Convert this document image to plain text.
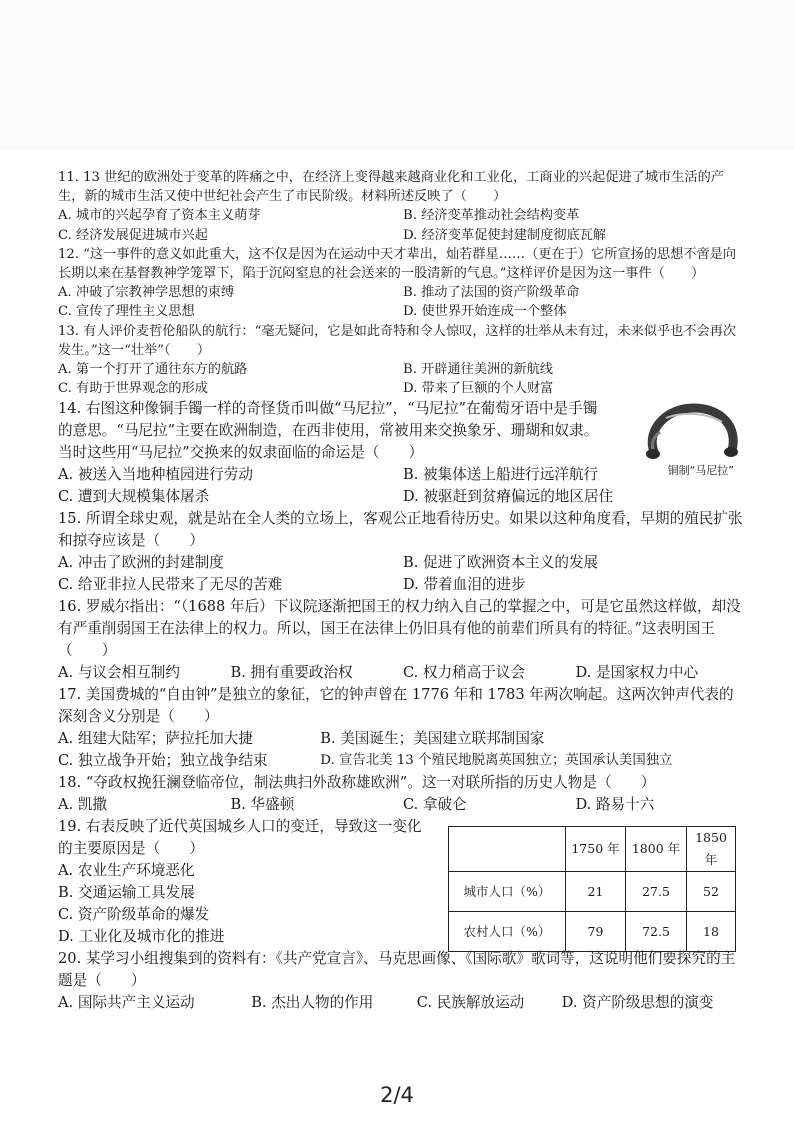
11. 13 世纪的欧洲处于变革的阵痛之中，在经济上变得越来越商业化和工业化，工商业的兴起促进了城市生活的产生，新的城市生活又使中世纪社会产生了市民阶级。材料所述反映了（　　）

A. 城市的兴起孕育了资本主义萌芽	B. 经济变革推动社会结构变革
C. 经济发展促进城市兴起	D. 经济变革促使封建制度彻底瓦解

12. “这一事件的意义如此重大，这不仅是因为在运动中天才辈出，灿若群星……（更在于）它所宣扬的思想不啻是向长期以来在基督教神学笼罩下，陷于沉闷窒息的社会送来的一股清新的气息。”这样评价是因为这一事件（　　）

A. 冲破了宗教神学思想的束缚	B. 推动了法国的资产阶级革命
C. 宣传了理性主义思想	D. 使世界开始连成一个整体

13. 有人评价麦哲伦船队的航行：“毫无疑问，它是如此奇特和令人惊叹，这样的壮举从未有过，未来似乎也不会再次发生。”这一“壮举”（　　）

A. 第一个打开了通往东方的航路	B. 开辟通往美洲的新航线
C. 有助于世界观念的形成	D. 带来了巨额的个人财富

14. 右图这种像铜手镯一样的奇怪货币叫做“马尼拉”，“马尼拉”在葡萄牙语中是手镯的意思。“马尼拉”主要在欧洲制造，在西非使用，常被用来交换象牙、珊瑚和奴隶。当时这些用“马尼拉”交换来的奴隶面临的命运是（　　）

铜制“马尼拉”
A. 被送入当地种植园进行劳动	B. 被集体送上船进行远洋航行
C. 遭到大规模集体屠杀	D. 被驱赶到贫瘠偏远的地区居住

15. 所谓全球史观，就是站在全人类的立场上，客观公正地看待历史。如果以这种角度看，早期的殖民扩张和掠夺应该是（　　）

A. 冲击了欧洲的封建制度	B. 促进了欧洲资本主义的发展
C. 给亚非拉人民带来了无尽的苦难	D. 带着血泪的进步

16. 罗威尔指出：“（1688 年后）下议院逐渐把国王的权力纳入自己的掌握之中，可是它虽然这样做，却没有严重削弱国王在法律上的权力。所以，国王在法律上仍旧具有他的前辈们所具有的特征。”这表明国王（　　）

A. 与议会相互制约	B. 拥有重要政治权	C. 权力稍高于议会	D. 是国家权力中心

17. 美国费城的“自由钟”是独立的象征，它的钟声曾在 1776 年和 1783 年两次响起。这两次钟声代表的深刻含义分别是（　　）

A. 组建大陆军；萨拉托加大捷	B. 美国诞生；美国建立联邦制国家
C. 独立战争开始；独立战争结束	D. 宣告北美 13 个殖民地脱离英国独立；英国承认美国独立

18. “夺政权挽狂澜登临帝位，制法典扫外敌称雄欧洲”。这一对联所指的历史人物是（　　）

A. 凯撒	B. 华盛顿	C. 拿破仑	D. 路易十六

19. 右表反映了近代英国城乡人口的变迁，导致这一变化的主要原因是（　　）

A. 农业生产环境恶化
B. 交通运输工具发展
C. 资产阶级革命的爆发
D. 工业化及城市化的推进
	1750 年	1800 年	1850 年
城市人口（%）	21	27.5	52
农村人口（%）	79	72.5	18

20. 某学习小组搜集到的资料有：《共产党宣言》、马克思画像、《国际歌》歌词等，这说明他们要探究的主题是（　　）

A. 国际共产主义运动	B. 杰出人物的作用	C. 民族解放运动	D. 资产阶级思想的演变
2/4
